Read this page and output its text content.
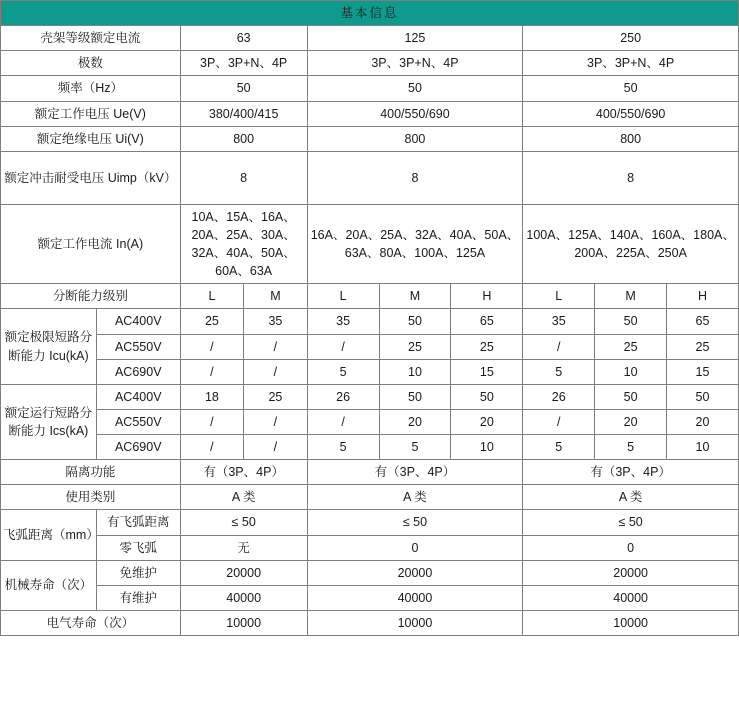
基本信息									
壳架等级额定电流		63		125			250		
极数		3P、3P+N、4P		3P、3P+N、4P			3P、3P+N、4P		
频率（Hz）		50		50			50		
额定工作电压 Ue(V)		380/400/415		400/550/690			400/550/690		
额定绝缘电压 Ui(V)		800		800			800		
额定冲击耐受电压 Uimp（kV）		8		8			8		
额定工作电流 In(A)		10A、15A、16A、20A、25A、30A、32A、40A、50A、60A、63A		16A、20A、25A、32A、40A、50A、63A、80A、100A、125A			100A、125A、140A、160A、180A、200A、225A、250A		
分断能力级别		L	M	L	M	H	L	M	H
额定极限短路分断能力 Icu(kA)	AC400V	25	35	35	50	65	35	50	65
	AC550V	/	/	/	25	25	/	25	25
	AC690V	/	/	5	10	15	5	10	15
额定运行短路分断能力 Ics(kA)	AC400V	18	25	26	50	50	26	50	50
	AC550V	/	/	/	20	20	/	20	20
	AC690V	/	/	5	5	10	5	5	10
隔离功能		有（3P、4P）		有（3P、4P）			有（3P、4P）		
使用类别		A 类		A 类			A 类		
飞弧距离（mm）	有飞弧距离	≤ 50		≤ 50			≤ 50		
	零飞弧	无		0			0		
机械寿命（次）	免维护	20000		20000			20000		
	有维护	40000		40000			40000		
电气寿命（次）		10000		10000			10000		
